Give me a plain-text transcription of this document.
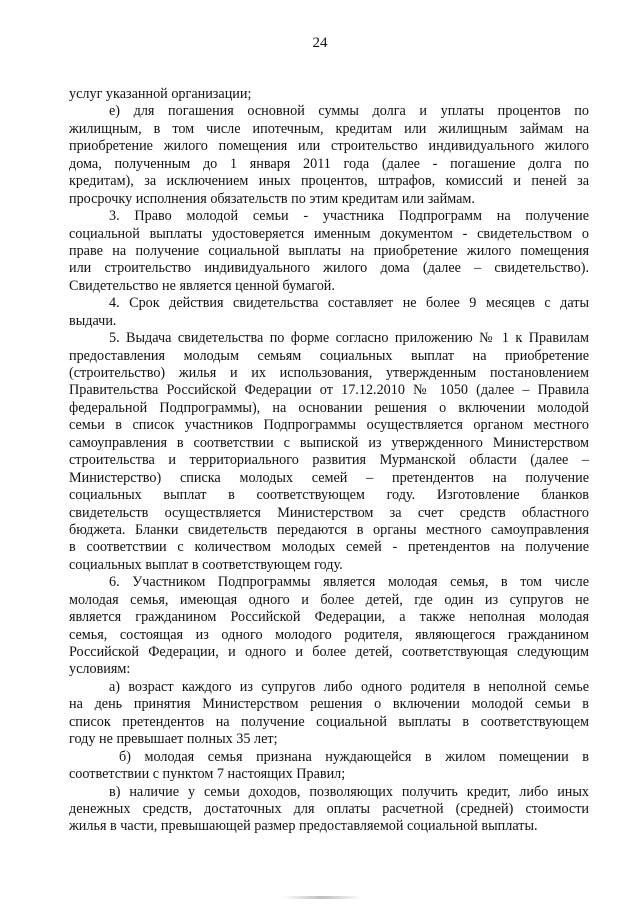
24
услуг указанной организации;
е) для погашения основной суммы долга и уплаты процентов по
жилищным, в том числе ипотечным, кредитам или жилищным займам на
приобретение жилого помещения или строительство индивидуального жилого
дома, полученным до 1 января 2011 года (далее - погашение долга по
кредитам), за исключением иных процентов, штрафов, комиссий и пеней за
просрочку исполнения обязательств по этим кредитам или займам.
3. Право молодой семьи - участника Подпрограмм на получение
социальной выплаты удостоверяется именным документом - свидетельством о
праве на получение социальной выплаты на приобретение жилого помещения
или строительство индивидуального жилого дома (далее – свидетельство).
Свидетельство не является ценной бумагой.
4. Срок действия свидетельства составляет не более 9 месяцев с даты
выдачи.
5. Выдача свидетельства по форме согласно приложению № 1 к Правилам
предоставления молодым семьям социальных выплат на приобретение
(строительство) жилья и их использования, утвержденным постановлением
Правительства Российской Федерации от 17.12.2010 № 1050 (далее – Правила
федеральной Подпрограммы), на основании решения о включении молодой
семьи в список участников Подпрограммы осуществляется органом местного
самоуправления в соответствии с выпиской из утвержденного Министерством
строительства и территориального развития Мурманской области (далее –
Министерство) списка молодых семей – претендентов на получение
социальных выплат в соответствующем году. Изготовление бланков
свидетельств осуществляется Министерством за счет средств областного
бюджета. Бланки свидетельств передаются в органы местного самоуправления
в соответствии с количеством молодых семей - претендентов на получение
социальных выплат в соответствующем году.
6. Участником Подпрограммы является молодая семья, в том числе
молодая семья, имеющая одного и более детей, где один из супругов не
является гражданином Российской Федерации, а также неполная молодая
семья, состоящая из одного молодого родителя, являющегося гражданином
Российской Федерации, и одного и более детей, соответствующая следующим
условиям:
а) возраст каждого из супругов либо одного родителя в неполной семье
на день принятия Министерством решения о включении молодой семьи в
список претендентов на получение социальной выплаты в соответствующем
году не превышает полных 35 лет;
б) молодая семья признана нуждающейся в жилом помещении в
соответствии с пунктом 7 настоящих Правил;
в) наличие у семьи доходов, позволяющих получить кредит, либо иных
денежных средств, достаточных для оплаты расчетной (средней) стоимости
жилья в части, превышающей размер предоставляемой социальной выплаты.
